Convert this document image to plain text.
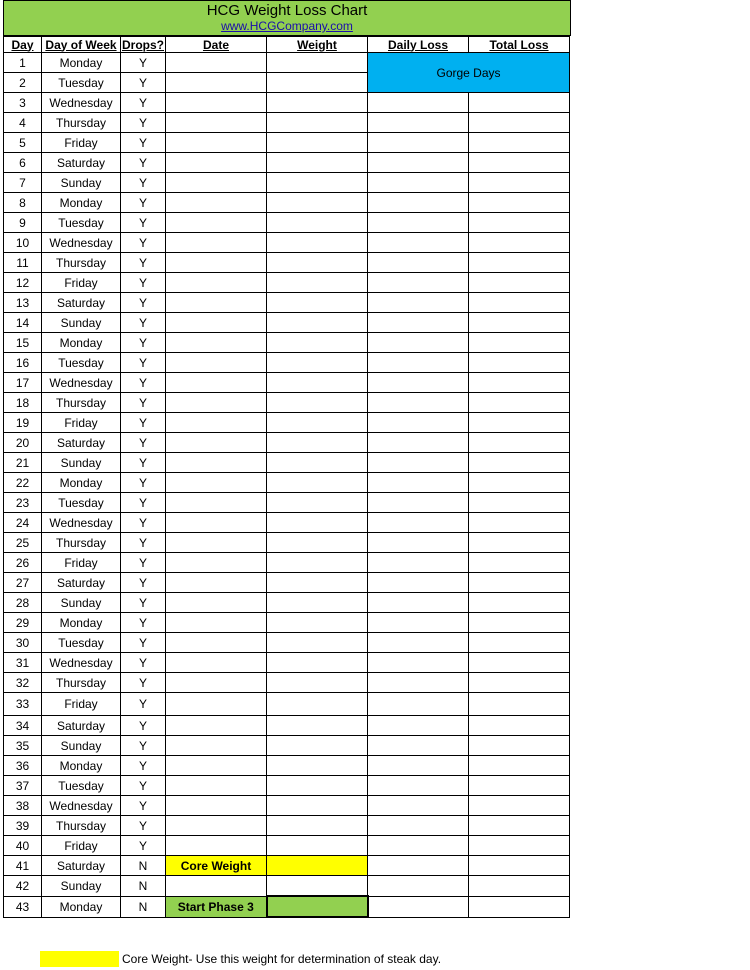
HCG Weight Loss Chart
www.HCGCompany.com
Day	Day of Week	Drops?	Date	Weight	Daily Loss	Total Loss
1	Monday	Y			Gorge Days	
2	Tuesday	Y				
3	Wednesday	Y				
4	Thursday	Y				
5	Friday	Y				
6	Saturday	Y				
7	Sunday	Y				
8	Monday	Y				
9	Tuesday	Y				
10	Wednesday	Y				
11	Thursday	Y				
12	Friday	Y				
13	Saturday	Y				
14	Sunday	Y				
15	Monday	Y				
16	Tuesday	Y				
17	Wednesday	Y				
18	Thursday	Y				
19	Friday	Y				
20	Saturday	Y				
21	Sunday	Y				
22	Monday	Y				
23	Tuesday	Y				
24	Wednesday	Y				
25	Thursday	Y				
26	Friday	Y				
27	Saturday	Y				
28	Sunday	Y				
29	Monday	Y				
30	Tuesday	Y				
31	Wednesday	Y				
32	Thursday	Y				
33	Friday	Y				
34	Saturday	Y				
35	Sunday	Y				
36	Monday	Y				
37	Tuesday	Y				
38	Wednesday	Y				
39	Thursday	Y				
40	Friday	Y				
41	Saturday	N	Core Weight			
42	Sunday	N				
43	Monday	N	Start Phase 3			
Core Weight- Use this weight for determination of steak day.
